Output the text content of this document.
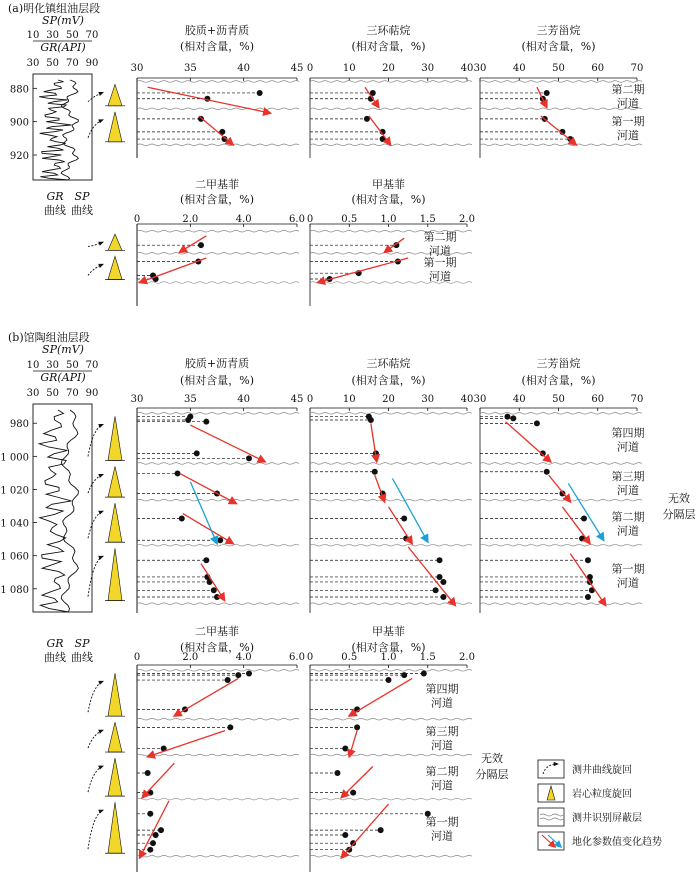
(a)明化镇组油层段
SP(mV)
10 30 50 70
GR(API)
30 50 70 90
880
900
920
GR
曲线
SP
曲线
胶质+沥青质
(相对含量，%)
30	35	40	45
三环萜烷
(相对含量，%)
0	10	20	30	40
三芳甾烷
(相对含量，%)
30	40	50	60	70
第二期
河道
第一期
河道
二甲基菲
(相对含量，%)
0	2.0	4.0	6.0
甲基菲
(相对含量，%)
0	0.5 1.0 1.5 2.0
第二期
河道
第一期
河道
(b)馆陶组油层段
SP(mV)
10 30 50 70
GR(API)
30 50 70 90
980
1 000
1 020
1 040
1 060
1 080
GR
曲线
SP
曲线
胶质+沥青质
(相对含量，%)
30	35	40	45
三环萜烷
(相对含量，%)
0	10	20	30	40
三芳甾烷
(相对含量，%)
30	40	50	60	70
第四期
河道
第三期
河道
第二期
河道
第一期
河道
二甲基菲
(相对含量，%)
0	2.0	4.0	6.0
甲基菲
(相对含量，%)
0	0.5 1.0 1.5 2.0
第四期
河道
第三期
河道
第二期
河道
第一期
河道
无效
分隔层
无效
分隔层	测井曲线旋回
岩心粒度旋回
测井识别屏蔽层
地化参数值变化趋势
